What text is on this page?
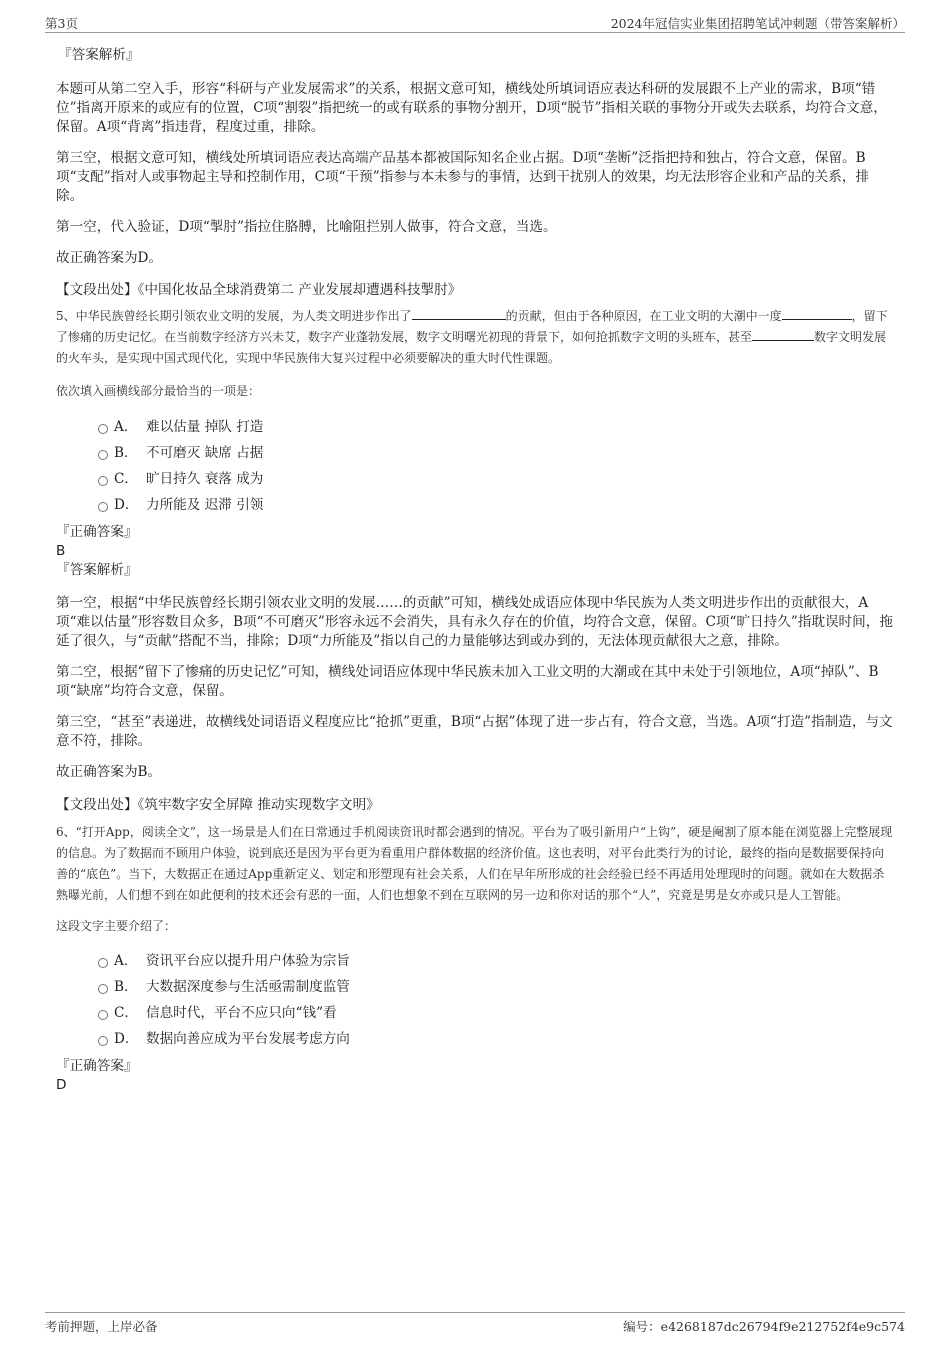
第3页	2024年冠信实业集团招聘笔试冲刺题（带答案解析）
『答案解析』

本题可从第二空入手，形容“科研与产业发展需求”的关系，根据文意可知，横线处所填词语应表达科研的发展跟不上产业的需求，B项“错位”指离开原来的或应有的位置，C项“割裂”指把统一的或有联系的事物分割开，D项“脱节”指相关联的事物分开或失去联系，均符合文意，保留。A项“背离”指违背，程度过重，排除。

第三空，根据文意可知，横线处所填词语应表达高端产品基本都被国际知名企业占据。D项“垄断”泛指把持和独占，符合文意，保留。B项“支配”指对人或事物起主导和控制作用，C项“干预”指参与本未参与的事情，达到干扰别人的效果，均无法形容企业和产品的关系，排除。

第一空，代入验证，D项“掣肘”指拉住胳膊，比喻阻拦别人做事，符合文意，当选。

故正确答案为D。

【文段出处】《中国化妆品全球消费第二 产业发展却遭遇科技掣肘》

5、中华民族曾经长期引领农业文明的发展，为人类文明进步作出了	的贡献，但由于各种原因，在工业文明的大潮中一度	，留下了惨痛的历史记忆。在当前数字经济方兴未艾，数字产业蓬勃发展，数字文明曙光初现的背景下，如何抢抓数字文明的头班车，甚至	数字文明发展的火车头，是实现中国式现代化，实现中华民族伟大复兴过程中必须要解决的重大时代性课题。

依次填入画横线部分最恰当的一项是：

A． 难以估量 掉队 打造
B． 不可磨灭 缺席 占据
C． 旷日持久 衰落 成为
D． 力所能及 迟滞 引领
『正确答案』
B
『答案解析』

第一空，根据“中华民族曾经长期引领农业文明的发展……的贡献”可知，横线处成语应体现中华民族为人类文明进步作出的贡献很大，A项“难以估量”形容数目众多，B项“不可磨灭”形容永远不会消失，具有永久存在的价值，均符合文意，保留。C项“旷日持久”指耽误时间，拖延了很久，与“贡献”搭配不当，排除；D项“力所能及”指以自己的力量能够达到或办到的，无法体现贡献很大之意，排除。

第二空，根据“留下了惨痛的历史记忆”可知，横线处词语应体现中华民族未加入工业文明的大潮或在其中未处于引领地位，A项“掉队”、B项“缺席”均符合文意，保留。

第三空，“甚至”表递进，故横线处词语语义程度应比“抢抓”更重，B项“占据”体现了进一步占有，符合文意，当选。A项“打造”指制造，与文意不符，排除。

故正确答案为B。

【文段出处】《筑牢数字安全屏障 推动实现数字文明》

6、“打开App，阅读全文”，这一场景是人们在日常通过手机阅读资讯时都会遇到的情况。平台为了吸引新用户“上钩”，硬是阉割了原本能在浏览器上完整展现的信息。为了数据而不顾用户体验，说到底还是因为平台更为看重用户群体数据的经济价值。这也表明，对平台此类行为的讨论，最终的指向是数据要保持向善的“底色”。当下，大数据正在通过App重新定义、划定和形塑现有社会关系，人们在早年所形成的社会经验已经不再适用处理现时的问题。就如在大数据杀熟曝光前，人们想不到在如此便利的技术还会有恶的一面，人们也想象不到在互联网的另一边和你对话的那个“人”，究竟是男是女亦或只是人工智能。

这段文字主要介绍了：

A． 资讯平台应以提升用户体验为宗旨
B． 大数据深度参与生活亟需制度监管
C． 信息时代，平台不应只向“钱”看
D． 数据向善应成为平台发展考虑方向
『正确答案』
D
考前押题，上岸必备	编号：e4268187dc26794f9e212752f4e9c574
